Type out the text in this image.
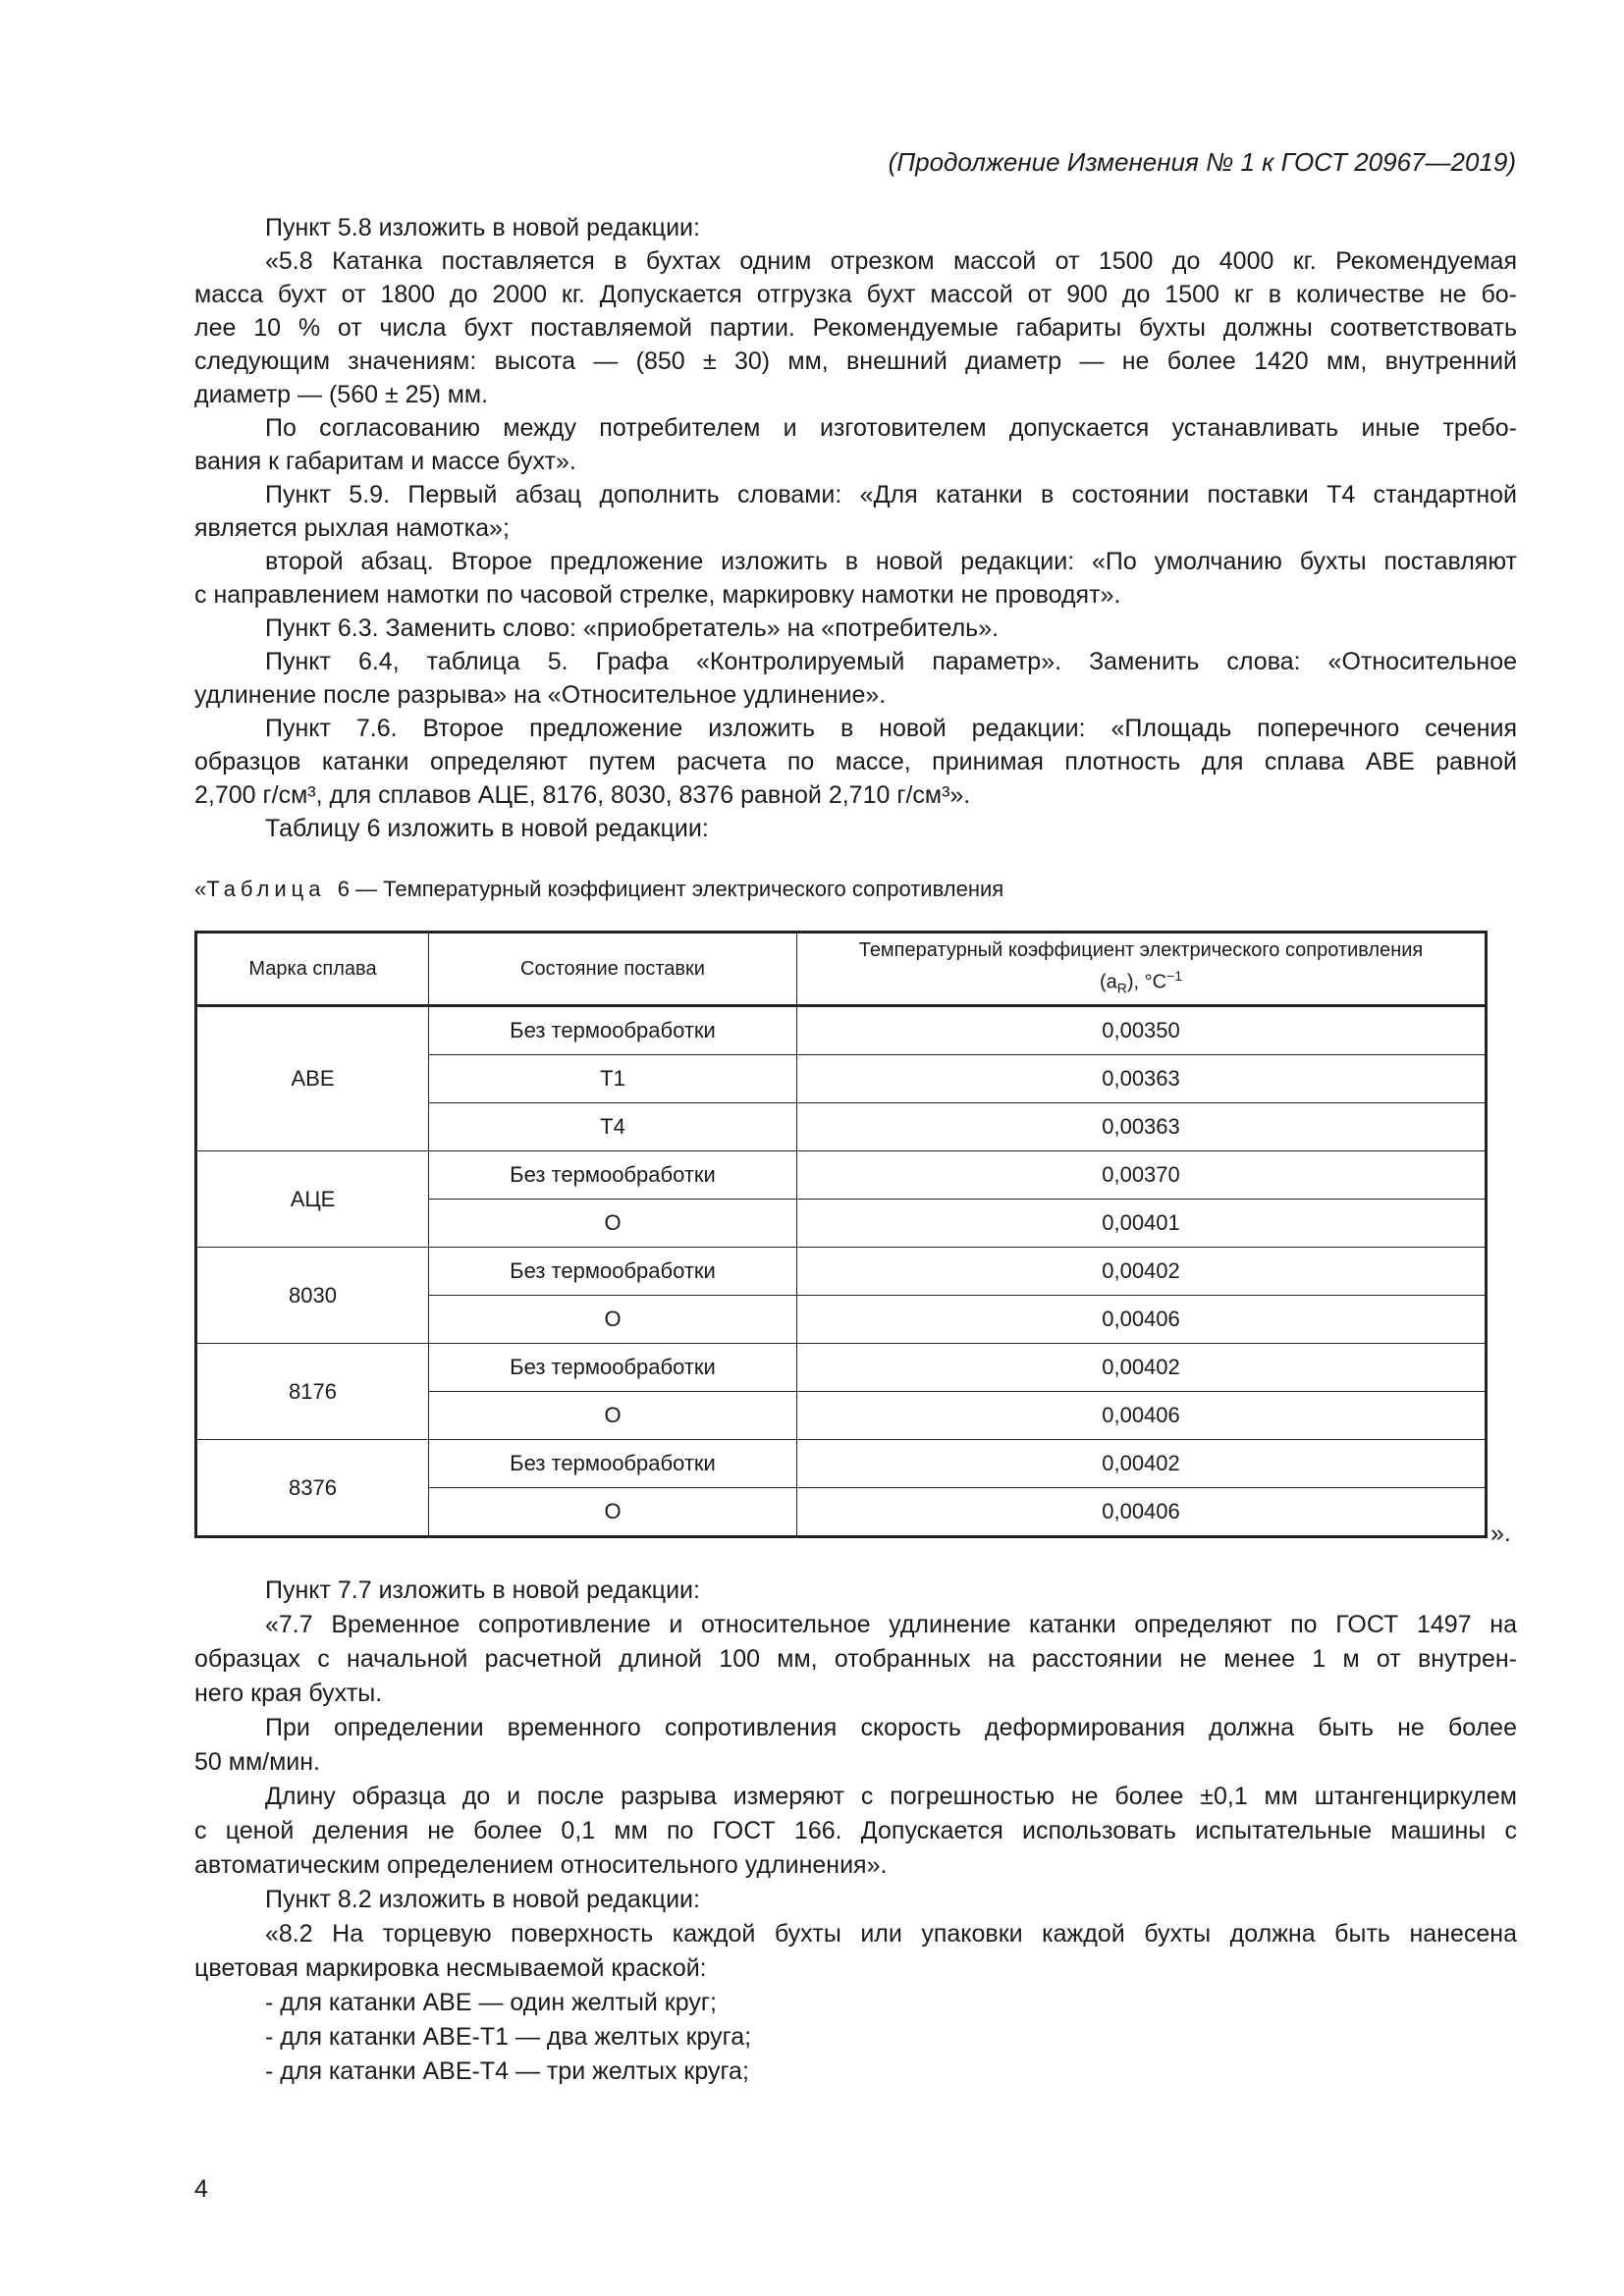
(Продолжение Изменения № 1 к ГОСТ 20967—2019)
Пункт 5.8 изложить в новой редакции:
«5.8 Катанка поставляется в бухтах одним отрезком массой от 1500 до 4000 кг. Рекомендуемая
масса бухт от 1800 до 2000 кг. Допускается отгрузка бухт массой от 900 до 1500 кг в количестве не бо-
лее 10 % от числа бухт поставляемой партии. Рекомендуемые габариты бухты должны соответствовать
следующим значениям: высота — (850 ± 30) мм, внешний диаметр — не более 1420 мм, внутренний
диаметр — (560 ± 25) мм.
По согласованию между потребителем и изготовителем допускается устанавливать иные требо-
вания к габаритам и массе бухт».
Пункт 5.9. Первый абзац дополнить словами: «Для катанки в состоянии поставки Т4 стандартной
является рыхлая намотка»;
второй абзац. Второе предложение изложить в новой редакции: «По умолчанию бухты поставляют
с направлением намотки по часовой стрелке, маркировку намотки не проводят».
Пункт 6.3. Заменить слово: «приобретатель» на «потребитель».
Пункт 6.4, таблица 5. Графа «Контролируемый параметр». Заменить слова: «Относительное
удлинение после разрыва» на «Относительное удлинение».
Пункт 7.6. Второе предложение изложить в новой редакции: «Площадь поперечного сечения
образцов катанки определяют путем расчета по массе, принимая плотность для сплава АВЕ равной
2,700 г/см³, для сплавов АЦЕ, 8176, 8030, 8376 равной 2,710 г/см³».
Таблицу 6 изложить в новой редакции:
«Таблица 6 — Температурный коэффициент электрического сопротивления
Марка сплава	Состояние поставки	Температурный коэффициент электрического сопротивления
$(a_R)$, $^\circ C^{-1}$
АВЕ	Без термообработки	0,00350
	Т1	0,00363
	Т4	0,00363
АЦЕ	Без термообработки	0,00370
	О	0,00401
8030	Без термообработки	0,00402
	О	0,00406
8176	Без термообработки	0,00402
	О	0,00406
8376	Без термообработки	0,00402
	О	0,00406
».
Пункт 7.7 изложить в новой редакции:
«7.7 Временное сопротивление и относительное удлинение катанки определяют по ГОСТ 1497 на
образцах с начальной расчетной длиной 100 мм, отобранных на расстоянии не менее 1 м от внутрен-
него края бухты.
При определении временного сопротивления скорость деформирования должна быть не более
50 мм/мин.
Длину образца до и после разрыва измеряют с погрешностью не более ±0,1 мм штангенциркулем
с ценой деления не более 0,1 мм по ГОСТ 166. Допускается использовать испытательные машины с
автоматическим определением относительного удлинения».
Пункт 8.2 изложить в новой редакции:
«8.2 На торцевую поверхность каждой бухты или упаковки каждой бухты должна быть нанесена
цветовая маркировка несмываемой краской:
- для катанки АВЕ — один желтый круг;
- для катанки АВЕ-Т1 — два желтых круга;
- для катанки АВЕ-Т4 — три желтых круга;
4
